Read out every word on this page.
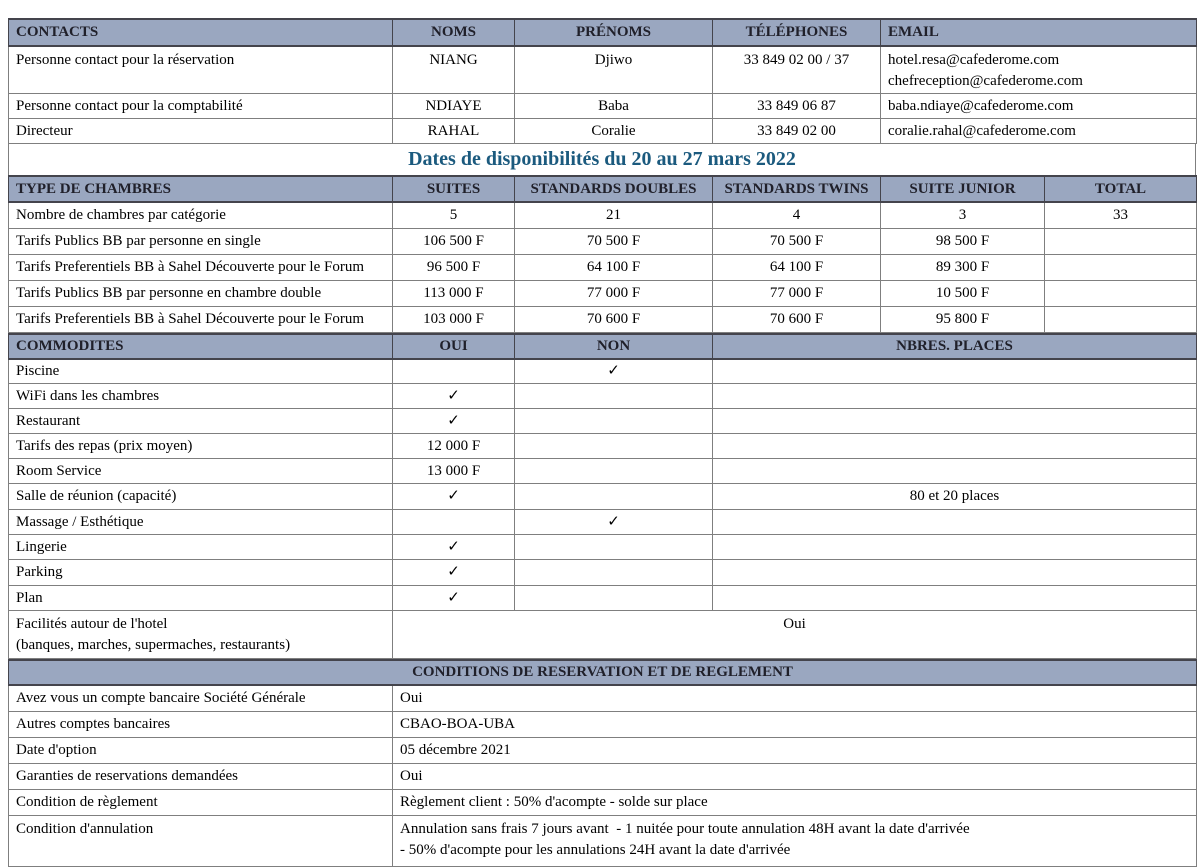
CONTACTS	NOMS	PRÉNOMS	TÉLÉPHONES	EMAIL
Personne contact pour la réservation	NIANG	Djiwo	33 849 02 00 / 37	hotel.resa@cafederome.com
chefreception@cafederome.com

Personne contact pour la comptabilité	NDIAYE	Baba	33 849 06 87	baba.ndiaye@cafederome.com
Directeur	RAHAL	Coralie	33 849 02 00	coralie.rahal@cafederome.com
Dates de disponibilités du 20 au 27 mars 2022
TYPE DE CHAMBRES	SUITES	STANDARDS DOUBLES	STANDARDS TWINS	SUITE JUNIOR	TOTAL
Nombre de chambres par catégorie	5	21	4	3	33
Tarifs Publics BB par personne en single	106 500 F	70 500 F	70 500 F	98 500 F	
Tarifs Preferentiels BB à Sahel Découverte pour le Forum	96 500 F	64 100 F	64 100 F	89 300 F	
Tarifs Publics BB par personne en chambre double	113 000 F	77 000 F	77 000 F	10 500 F	
Tarifs Preferentiels BB à Sahel Découverte pour le Forum	103 000 F	70 600 F	70 600 F	95 800 F	
COMMODITES	OUI	NON	NBRES. PLACES
Piscine		✓	
WiFi dans les chambres	✓		
Restaurant	✓		
Tarifs des repas (prix moyen)	12 000 F		
Room Service	13 000 F		
Salle de réunion (capacité)	✓		80 et 20 places
Massage / Esthétique		✓	
Lingerie	✓		
Parking	✓		
Plan	✓		

Facilités autour de l'hotel
(banques, marches, supermaches, restaurants)	Oui		
CONDITIONS DE RESERVATION ET DE REGLEMENT	
Avez vous un compte bancaire Société Générale	Oui
Autres comptes bancaires	CBAO-BOA-UBA
Date d'option	05 décembre 2021
Garanties de reservations demandées	Oui
Condition de règlement	Règlement client : 50% d'acompte - solde sur place
Condition d'annulation	Annulation sans frais 7 jours avant  - 1 nuitée pour toute annulation 48H avant la date d'arrivée
- 50% d'acompte pour les annulations 24H avant la date d'arrivée
